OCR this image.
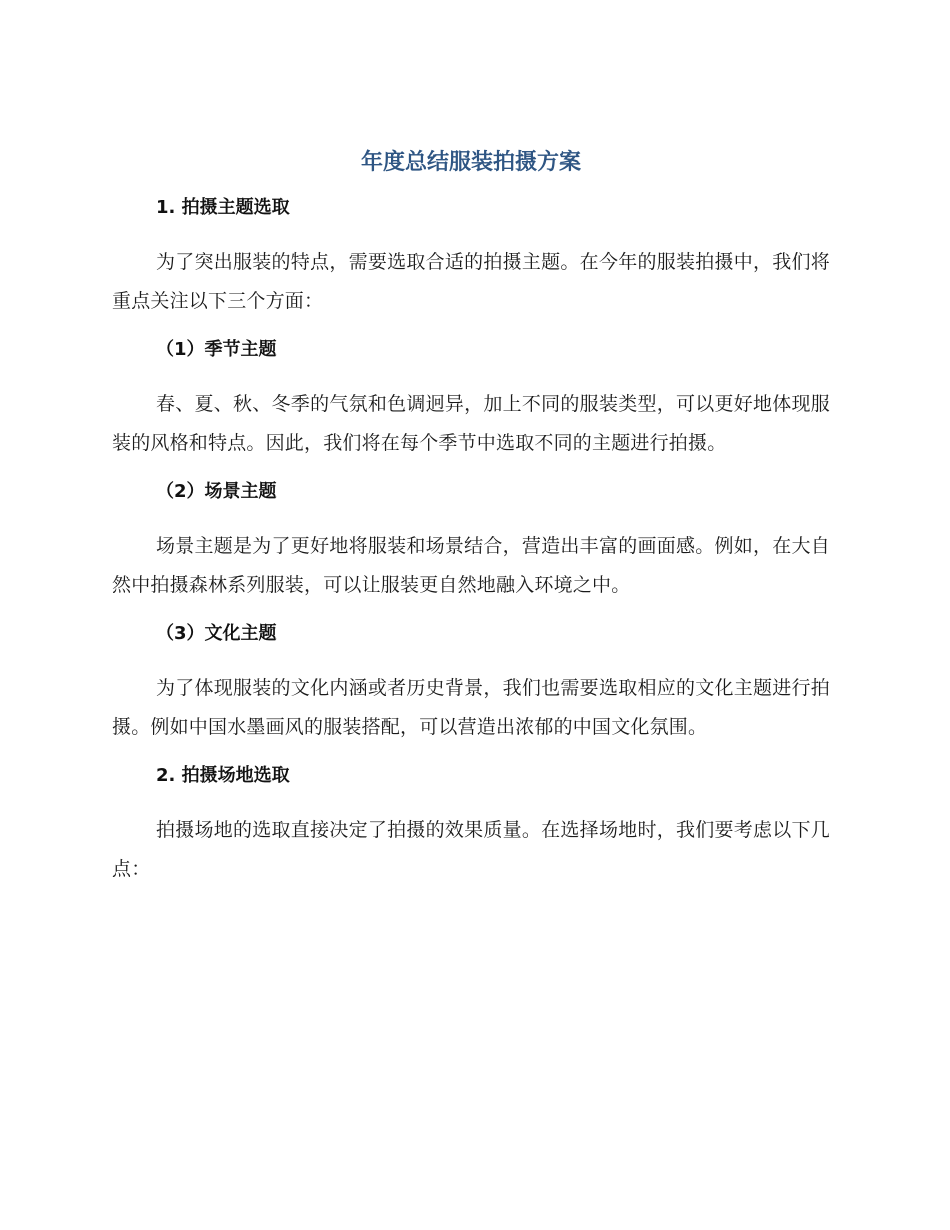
年度总结服装拍摄方案
1. 拍摄主题选取

为了突出服装的特点，需要选取合适的拍摄主题。在今年的服装拍摄中，我们将重点关注以下三个方面：

（1）季节主题

春、夏、秋、冬季的气氛和色调迥异，加上不同的服装类型，可以更好地体现服装的风格和特点。因此，我们将在每个季节中选取不同的主题进行拍摄。

（2）场景主题

场景主题是为了更好地将服装和场景结合，营造出丰富的画面感。例如，在大自然中拍摄森林系列服装，可以让服装更自然地融入环境之中。

（3）文化主题

为了体现服装的文化内涵或者历史背景，我们也需要选取相应的文化主题进行拍摄。例如中国水墨画风的服装搭配，可以营造出浓郁的中国文化氛围。

2. 拍摄场地选取

拍摄场地的选取直接决定了拍摄的效果质量。在选择场地时，我们要考虑以下几点：
